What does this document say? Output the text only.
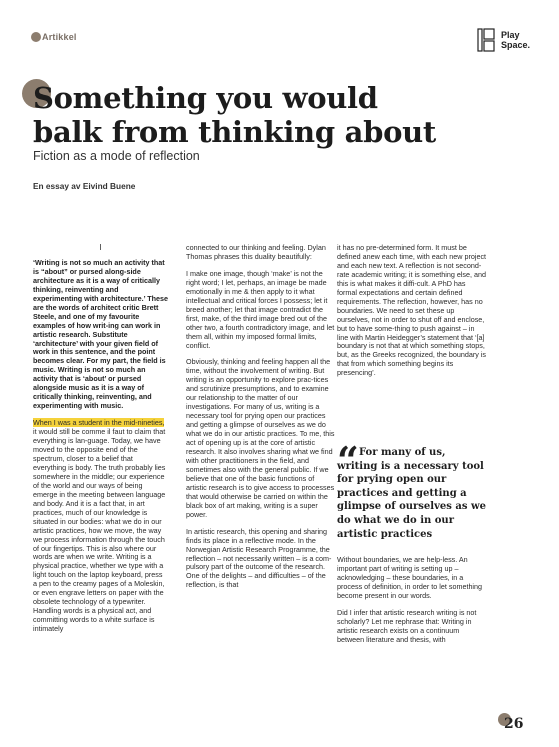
Artikkel	Play
Space.
Something you would
balk from thinking about
Fiction as a mode of reflection
En essay av Eivind Buene
I

‘Writing is not so much an activity that is “about” or pursed along-side architecture as it is a way of critically thinking, reinventing and experimenting with architecture.’ These are the words of architect critic Brett Steele, and one of my favourite examples of how writ-ing can work in artistic research. Substitute ‘architecture’ with your given field of work in this sentence, and the point becomes clear. For my part, the field is music. Writing is not so much an activity that is ‘about’ or pursed alongside music as it is a way of critically thinking, reinventing, and experimenting with music.

When I was a student in the mid-nineties, it would still be comme il faut to claim that everything is lan-guage. Today, we have moved to the opposite end of the spectrum, closer to a belief that everything is body. The truth probably lies somewhere in the middle; our experience of the world and our ways of being emerge in the meeting between language and body. And it is a fact that, in art practices, much of our knowledge is situated in our bodies: what we do in our artistic practices, how we move, the way we process information through the touch of our fingertips. This is also where our words are when we write. Writing is a physical practice, whether we type with a light touch on the laptop keyboard, press a pen to the creamy pages of a Moleskin, or even engrave letters on paper with the obsolete technology of a typewriter. Handling words is a physical act, and committing words to a white surface is intimately

connected to our thinking and feeling. Dylan Thomas phrases this duality beautifully:

I make one image, though ‘make’ is not the right word; I let, perhaps, an image be made emotionally in me & then apply to it what intellectual and critical forces I possess; let it breed another; let that image contradict the first, make, of the third image bred out of the other two, a fourth contradictory image, and let them all, within my imposed formal limits, conflict.

Obviously, thinking and feeling happen all the time, without the involvement of writing. But writing is an opportunity to explore prac-tices and scrutinize presumptions, and to examine our relationship to the matter of our investigations. For many of us, writing is a necessary tool for prying open our practices and getting a glimpse of ourselves as we do what we do in our artistic practices. To me, this act of opening up is at the core of artistic research. It also involves sharing what we find with other practitioners in the field, and sometimes also with the general public. If we believe that one of the basic functions of artistic research is to give access to processes that would otherwise be carried on within the black box of art making, writing is a super power.

In artistic research, this opening and sharing finds its place in a reflective mode. In the Norwegian Artistic Research Programme, the reflection – not necessarily written – is a com-pulsory part of the outcome of the research. One of the delights – and difficulties – of the reflection, is that

it has no pre-determined form. It must be defined anew each time, with each new project and each new text. A reflection is not second-rate academic writing; it is something else, and this is what makes it diffi-cult. A PhD has formal expectations and certain defined requirements. The reflection, however, has no boundaries. We need to set these up ourselves, not in order to shut off and enclose, but to have some-thing to push against – in line with Martin Heidegger’s statement that ‘[a] boundary is not that at which something stops, but, as the Greeks recognized, the boundary is that from which something begins its presencing’.

“ For many of us, writing is a necessary tool for prying open our practices and getting a glimpse of ourselves as we do what we do in our artistic practices

Without boundaries, we are help-less. An important part of writing is setting up – acknowledging – these boundaries, in a process of definition, in order to let something become present in our words.

Did I infer that artistic research writing is not scholarly? Let me rephrase that: Writing in artistic research exists on a continuum between literature and thesis, with

26
